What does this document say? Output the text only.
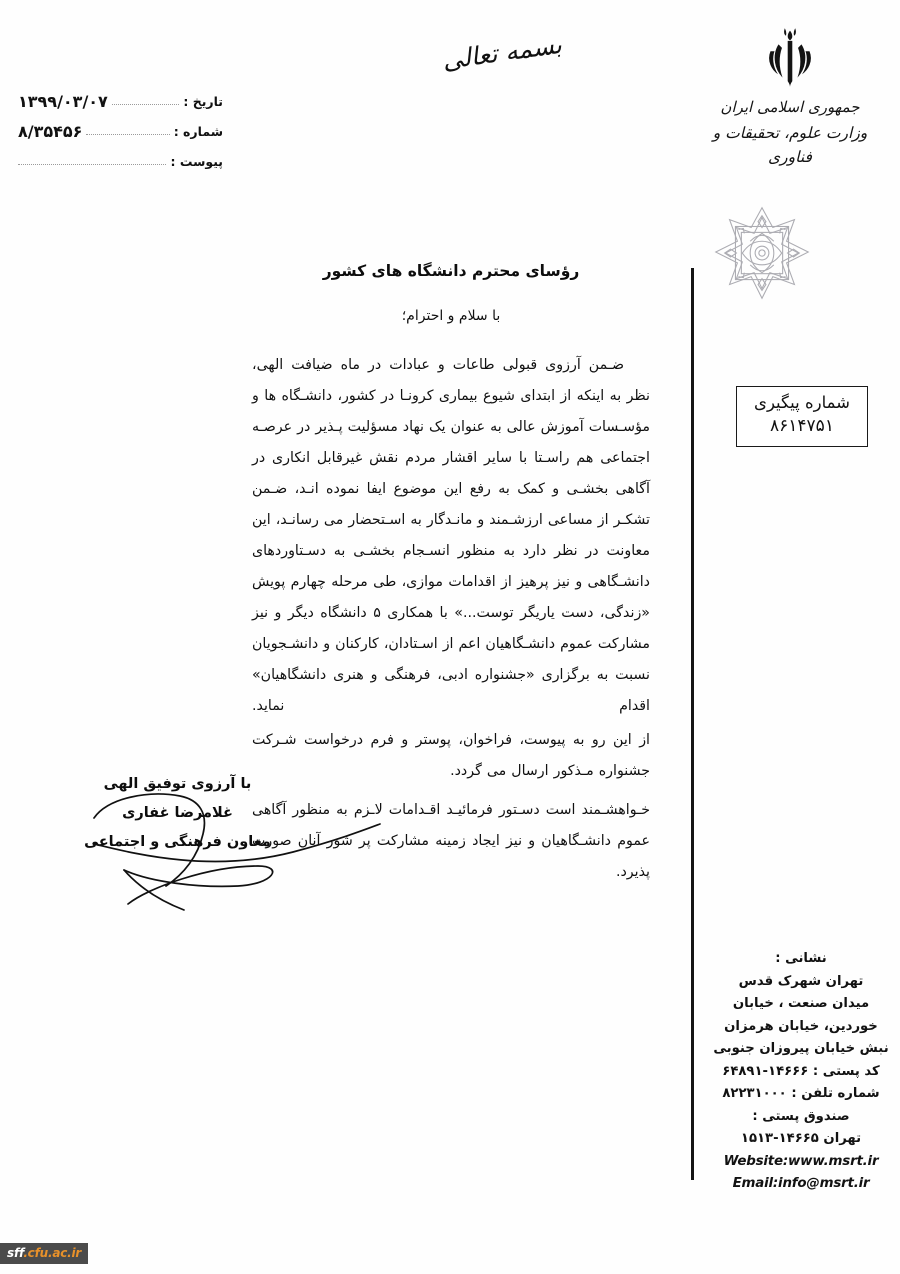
تاریخ :
۱۳۹۹/۰۳/۰۷
شماره :
۸/۳۵۴۵۶
پیوست :
بسمه تعالی
جمهوری اسلامی ایران
وزارت علوم، تحقیقات و فناوری
شماره پیگیری
۸۶۱۴۷۵۱
رؤسای محترم دانشگاه های کشور
با سلام و احترام؛

ضـمن آرزوی قبولی طاعات و عبادات در ماه ضیافت الهی، نظر به اینکه از ابتدای شیوع بیماری کرونـا در کشور، دانشـگاه ها و مؤسـسات آموزش عالی به عنوان یک نهاد مسؤلیت پـذیر در عرصـه اجتماعی هم راسـتا با سایر اقشار مردم نقش غیرقابل انکاری در آگاهی بخشـی و کمک به رفع این موضوع ایفا نموده انـد، ضـمن تشکـر از مساعی ارزشـمند و مانـدگار به اسـتحضار می رسانـد، این معاونت در نظر دارد به منظور انسـجام بخشـی به دسـتاوردهای دانشـگاهی و نیز پرهیز از اقدامات موازی، طی مرحله چهارم پویش «زندگی، دست یاریگر توست...» با همکاری ۵ دانشگاه دیگر و نیز مشارکت عموم دانشـگاهیان اعم از اسـتادان، کارکنان و دانشـجویان نسبت به برگزاری «جشنواره ادبی، فرهنگی و هنری دانشگاهیان» اقدام نماید.

از این رو به پیوست، فراخوان، پوستر و فرم درخواست شـرکت جشنواره مـذکور ارسال می گردد.

خـواهشـمند است دسـتور فرمائیـد اقـدامات لاـزم به منظور آگاهی عموم دانشـگاهیان و نیز ایجاد زمینه مشارکت پر شور آنان صورت پذیرد.

با آرزوی توفیق الهی
غلامرضا غفاری
معاون فرهنگی و اجتماعی
نشانی :
تهران شهرک قدس
میدان صنعت ، خیابان
خوردین، خیابان هرمزان
نبش خیابان پیروزان جنوبی
کد پستی : ۱۴۶۶۶-۶۴۸۹۱
شماره تلفن : ۸۲۲۳۱۰۰۰
صندوق پستی :
تهران ۱۴۶۶۵-۱۵۱۳
Website:www.msrt.ir
Email:info@msrt.ir
sff.cfu.ac.ir
